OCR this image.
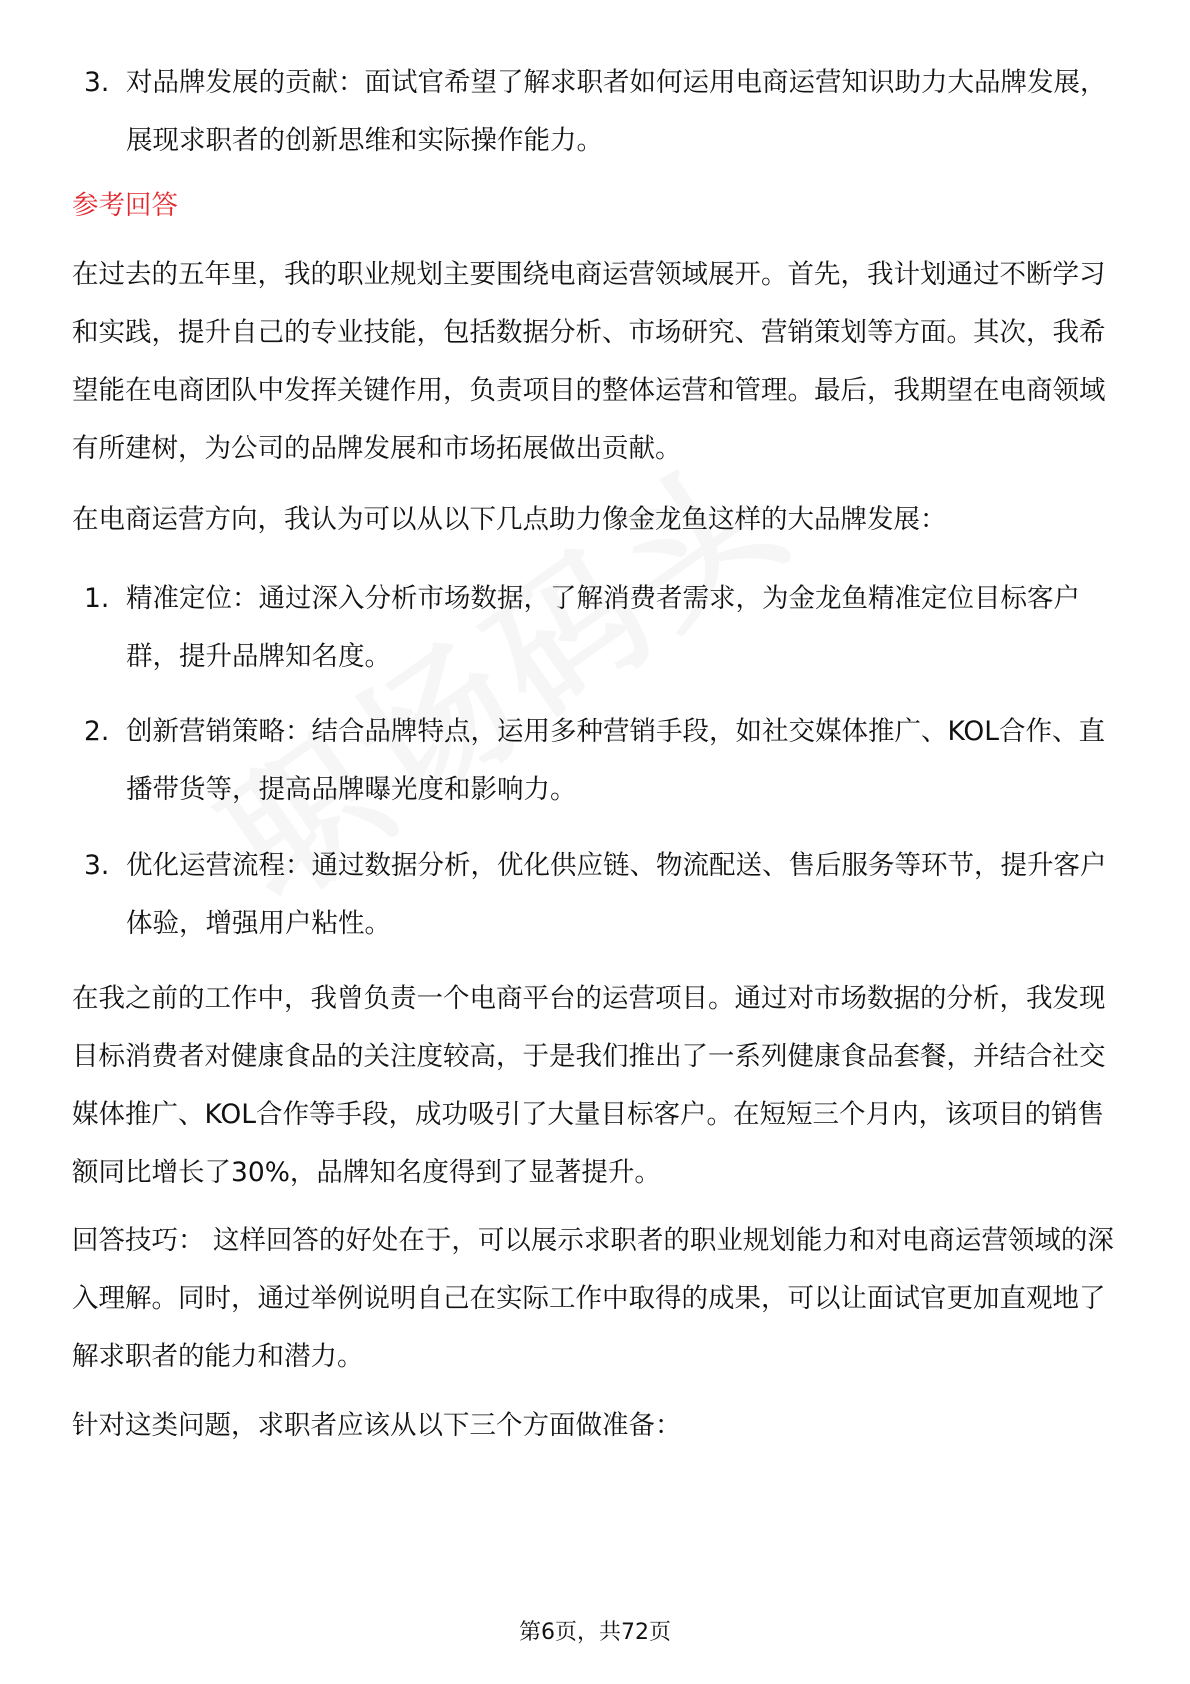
3. 对品牌发展的贡献：面试官希望了解求职者如何运用电商运营知识助力大品牌发展，展现求职者的创新思维和实际操作能力。
参考回答
在过去的五年里，我的职业规划主要围绕电商运营领域展开。首先，我计划通过不断学习和实践，提升自己的专业技能，包括数据分析、市场研究、营销策划等方面。其次，我希望能在电商团队中发挥关键作用，负责项目的整体运营和管理。最后，我期望在电商领域有所建树，为公司的品牌发展和市场拓展做出贡献。
在电商运营方向，我认为可以从以下几点助力像金龙鱼这样的大品牌发展：
1. 精准定位：通过深入分析市场数据，了解消费者需求，为金龙鱼精准定位目标客户群，提升品牌知名度。
2. 创新营销策略：结合品牌特点，运用多种营销手段，如社交媒体推广、KOL合作、直播带货等，提高品牌曝光度和影响力。
3. 优化运营流程：通过数据分析，优化供应链、物流配送、售后服务等环节，提升客户体验，增强用户粘性。
在我之前的工作中，我曾负责一个电商平台的运营项目。通过对市场数据的分析，我发现目标消费者对健康食品的关注度较高，于是我们推出了一系列健康食品套餐，并结合社交媒体推广、KOL合作等手段，成功吸引了大量目标客户。在短短三个月内，该项目的销售额同比增长了30%，品牌知名度得到了显著提升。
回答技巧： 这样回答的好处在于，可以展示求职者的职业规划能力和对电商运营领域的深入理解。同时，通过举例说明自己在实际工作中取得的成果，可以让面试官更加直观地了解求职者的能力和潜力。
针对这类问题，求职者应该从以下三个方面做准备：
第6页，共72页
